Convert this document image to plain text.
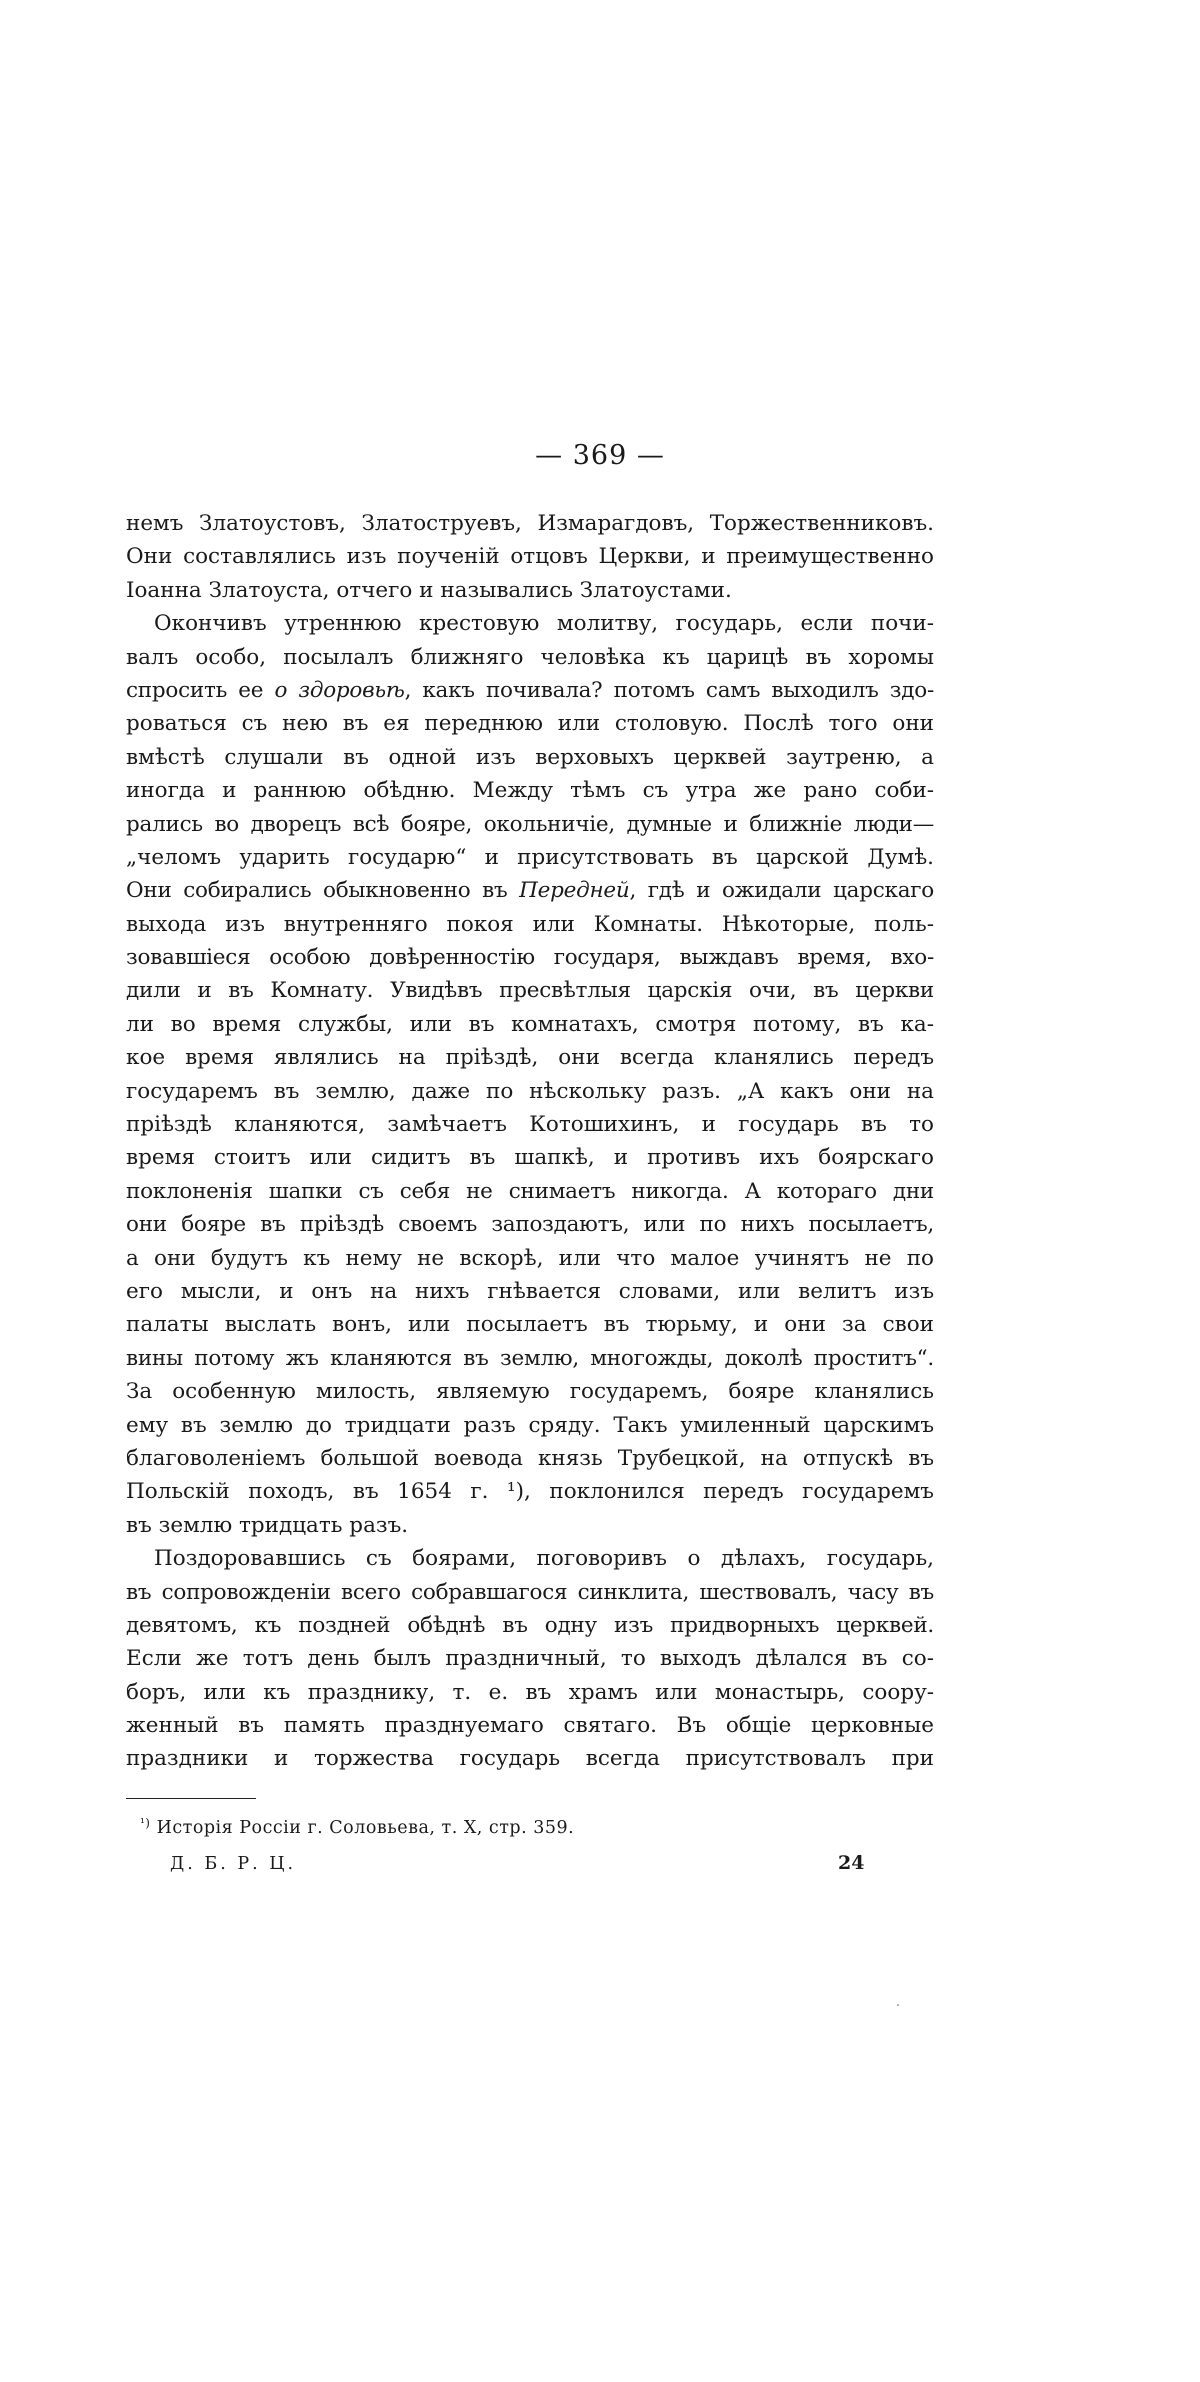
— 369 —
немъ Златоустовъ, Златоструевъ, Измарагдовъ, Торжественниковъ.
Они составлялись изъ поученій отцовъ Церкви, и преимущественно
Іоанна Златоуста, отчего и назывались Златоустами.
Окончивъ утреннюю крестовую молитву, государь, если почи-
валъ особо, посылалъ ближняго человѣка къ царицѣ въ хоромы
спросить ее о здоровьѣ, какъ почивала? потомъ самъ выходилъ здо-
роваться съ нею въ ея переднюю или столовую. Послѣ того они
вмѣстѣ слушали въ одной изъ верховыхъ церквей заутреню, а
иногда и раннюю обѣдню. Между тѣмъ съ утра же рано соби-
рались во дворецъ всѣ бояре, окольничіе, думные и ближніе люди—
„челомъ ударить государю“ и присутствовать въ царской Думѣ.
Они собирались обыкновенно въ Передней, гдѣ и ожидали царскаго
выхода изъ внутренняго покоя или Комнаты. Нѣкоторые, поль-
зовавшіеся особою довѣренностію государя, выждавъ время, вхо-
дили и въ Комнату. Увидѣвъ пресвѣтлыя царскія очи, въ церкви
ли во время службы, или въ комнатахъ, смотря потому, въ ка-
кое время являлись на пріѣздѣ, они всегда кланялись передъ
государемъ въ землю, даже по нѣскольку разъ. „А какъ они на
пріѣздѣ кланяются, замѣчаетъ Котошихинъ, и государь въ то
время стоитъ или сидитъ въ шапкѣ, и противъ ихъ боярскаго
поклоненія шапки съ себя не снимаетъ никогда. А котораго дни
они бояре въ пріѣздѣ своемъ запоздаютъ, или по нихъ посылаетъ,
а они будутъ къ нему не вскорѣ, или что малое учинятъ не по
его мысли, и онъ на нихъ гнѣвается словами, или велитъ изъ
палаты выслать вонъ, или посылаетъ въ тюрьму, и они за свои
вины потому жъ кланяются въ землю, многожды, доколѣ проститъ“.
За особенную милость, являемую государемъ, бояре кланялись
ему въ землю до тридцати разъ сряду. Такъ умиленный царскимъ
благоволеніемъ большой воевода князь Трубецкой, на отпускѣ въ
Польскій походъ, въ 1654 г. ¹), поклонился передъ государемъ
въ землю тридцать разъ.
Поздоровавшись съ боярами, поговоривъ о дѣлахъ, государь,
въ сопровожденіи всего собравшагося синклита, шествовалъ, часу въ
девятомъ, къ поздней обѣднѣ въ одну изъ придворныхъ церквей.
Если же тотъ день былъ праздничный, то выходъ дѣлался въ со-
боръ, или къ празднику, т. е. въ храмъ или монастырь, соору-
женный въ память празднуемаго святаго. Въ общіе церковные
праздники и торжества государь всегда присутствовалъ при
¹) Исторія Россіи г. Соловьева, т. X, стр. 359.
Д. Б. Р. Ц.	24
